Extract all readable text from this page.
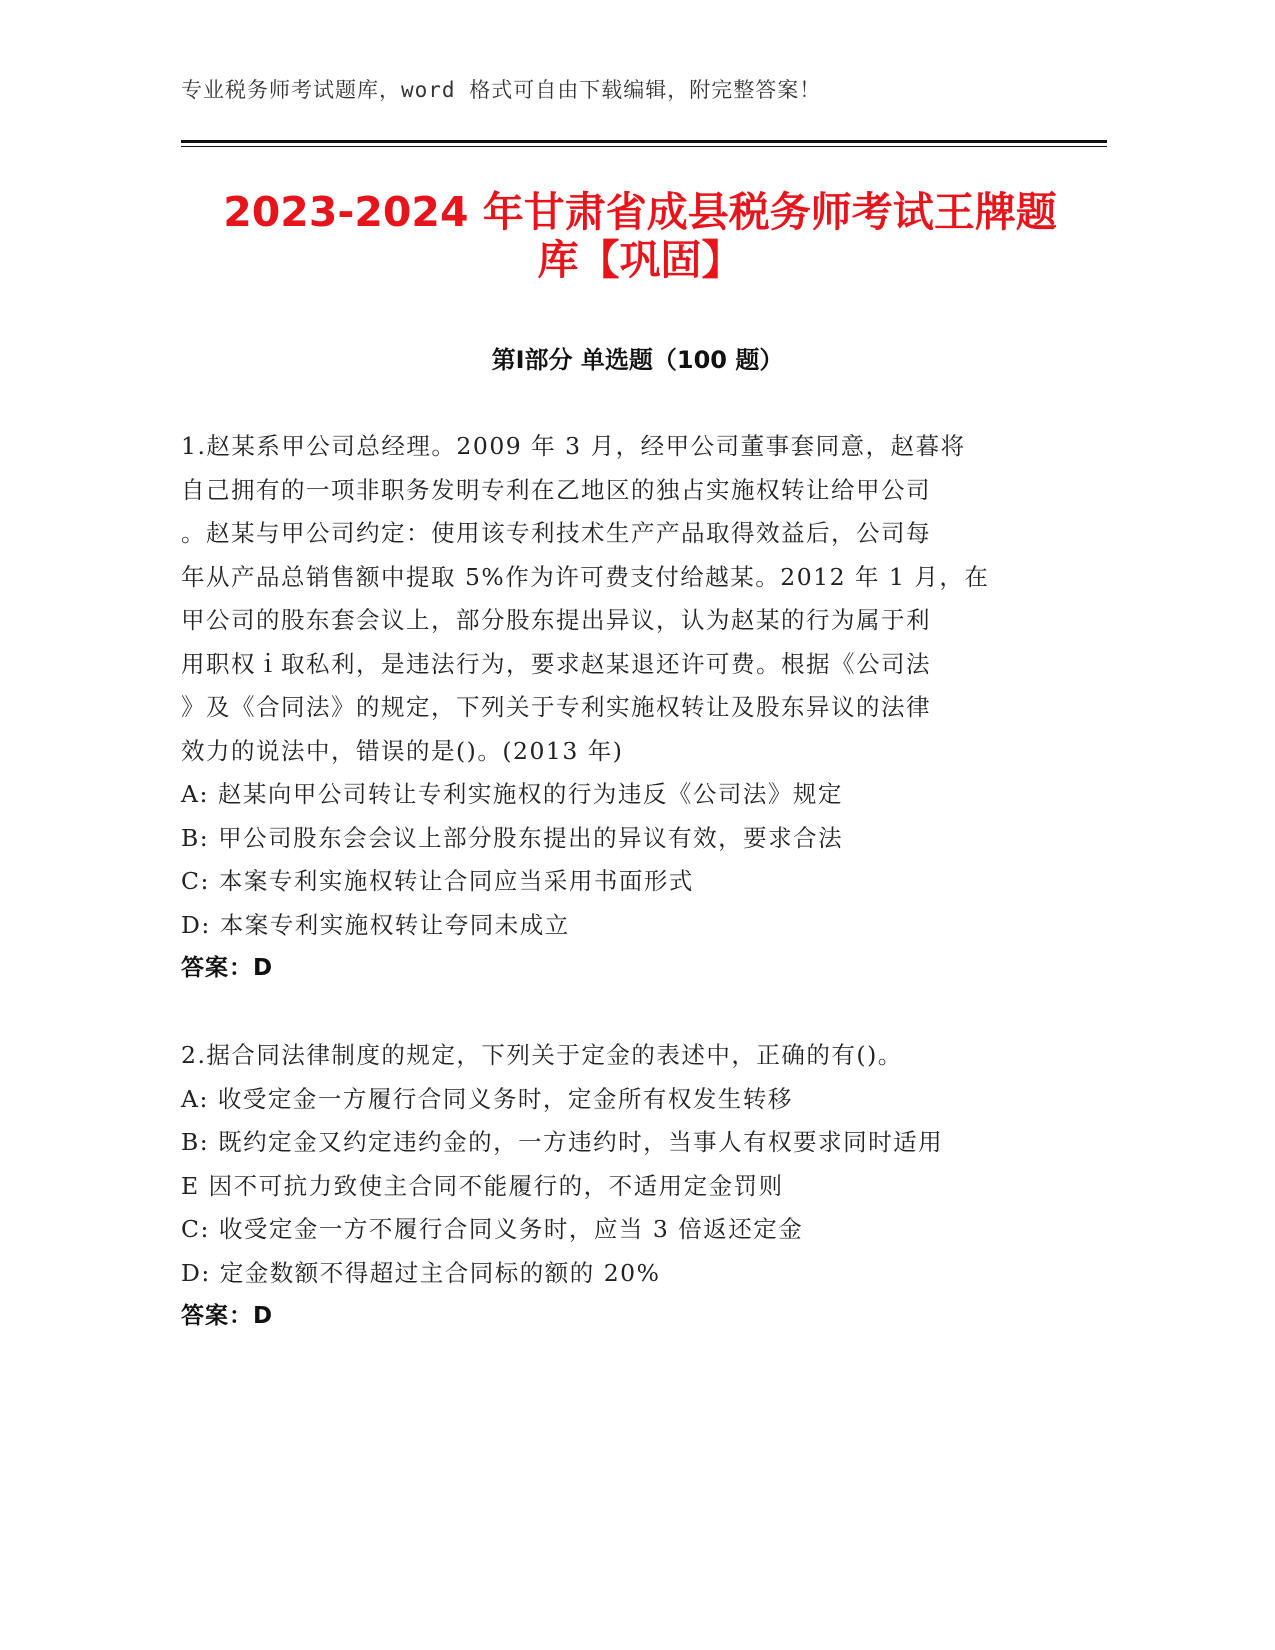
专业税务师考试题库，word 格式可自由下载编辑，附完整答案！
2023-2024 年甘肃省成县税务师考试王牌题
库【巩固】
第Ⅰ部分 单选题（100 题）
1.赵某系甲公司总经理。2009 年 3 月，经甲公司董事套同意，赵暮将
自己拥有的一项非职务发明专利在乙地区的独占实施权转让给甲公司
。赵某与甲公司约定：使用该专利技术生产产品取得效益后，公司每
年从产品总销售额中提取 5%作为许可费支付给越某。2012 年 1 月，在
甲公司的股东套会议上，部分股东提出异议，认为赵某的行为属于利
用职权ｉ取私利，是违法行为，要求赵某退还许可费。根据《公司法
》及《合同法》的规定，下列关于专利实施权转让及股东异议的法律
效力的说法中，错误的是()。(2013 年)
A: 赵某向甲公司转让专利实施权的行为违反《公司法》规定
B: 甲公司股东会会议上部分股东提出的异议有效，要求合法
C: 本案专利实施权转让合同应当采用书面形式
D: 本案专利实施权转让夸同未成立
答案：D
2.据合同法律制度的规定，下列关于定金的表述中，正确的有()。
A: 收受定金一方履行合同义务时，定金所有权发生转移
B: 既约定金又约定违约金的，一方违约时，当事人有权要求同时适用
E 因不可抗力致使主合同不能履行的，不适用定金罚则
C: 收受定金一方不履行合同义务时，应当 3 倍返还定金
D: 定金数额不得超过主合同标的额的 20%
答案：D
